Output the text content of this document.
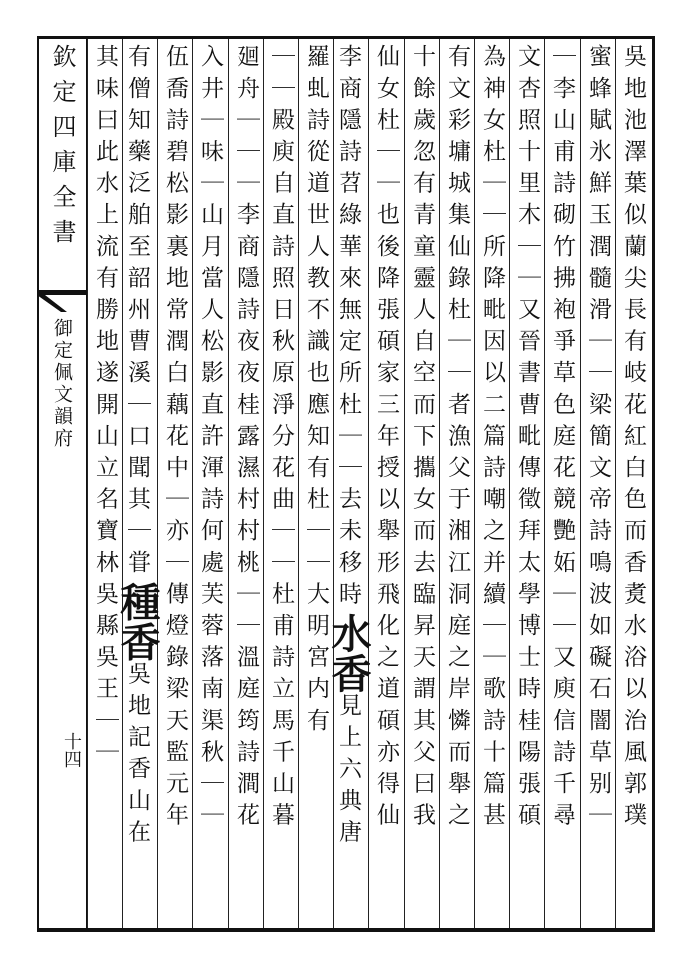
欽定四庫全書
御定佩文韻府
十四	吳地池澤葉似蘭尖長有岐花紅白色而香煑水浴以治風郭璞
蜜蜂賦氷鮮玉潤髓滑｜｜梁簡文帝詩鳴波如礙石闇草别｜
｜李山甫詩砌竹拂袍爭草色庭花競艷妬｜｜又庾信詩千尋
文杏照十里木｜｜又晉書曹毗傳徵拜太學博士時桂陽張碩
為神女杜｜｜所降毗因以二篇詩嘲之并續｜｜歌詩十篇甚
有文彩墉城集仙錄杜｜｜者漁父于湘江洞庭之岸憐而舉之
十餘歲忽有青童靈人自空而下攜女而去臨昇天謂其父曰我
仙女杜｜｜也後降張碩家三年授以舉形飛化之道碩亦得仙
李商隱詩苕綠華來無定所杜｜｜去未移時水香見上六典唐
羅虬詩從道世人教不識也應知有杜｜｜大明宮内有
｜｜殿庾自直詩照日秋原淨分花曲｜｜杜甫詩立馬千山暮
廻舟｜｜｜李商隱詩夜夜桂露濕村村桃｜｜溫庭筠詩澗花
入井｜味｜山月當人松影直許渾詩何處芙蓉落南渠秋｜｜
伍喬詩碧松影裏地常潤白藕花中｜亦｜傳燈錄梁天監元年
有僧知藥泛舶至韶州曹溪｜口聞其｜甞種香吳地記香山在
其味曰此水上流有勝地遂開山立名寶林吳縣吳王｜｜
